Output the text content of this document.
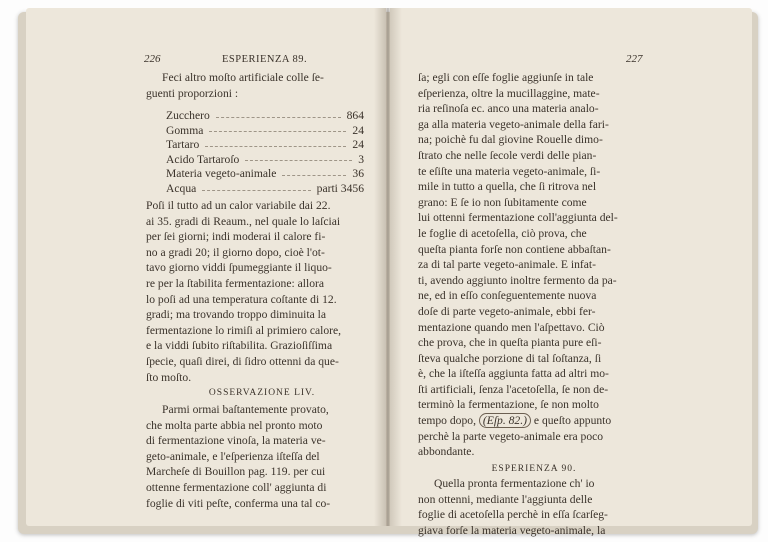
226	ESPERIENZA 89.
Feci altro moſto artificiale colle ſe-
guenti proporzioni :
Zucchero	864
Gomma	24
Tartaro	24
Acido Tartaroſo	3
Materia vegeto-animale	36
Acqua	parti 3456
Poſi il tutto ad un calor variabile dai 22.
ai 35. gradi di Reaum., nel quale lo laſciai
per ſei giorni; indi moderai il calore fi-
no a gradi 20; il giorno dopo, cioè l'ot-
tavo giorno viddi ſpumeggiante il liquo-
re per la ſtabilita fermentazione: allora
lo poſi ad una temperatura coſtante di 12.
gradi; ma trovando troppo diminuita la
fermentazione lo rimiſi al primiero calore,
e la viddi ſubito riſtabilita. Grazioſiſſima
ſpecie, quaſi direi, di ſidro ottenni da que-
ſto moſto.
OSSERVAZIONE LIV.
Parmi ormai baſtantemente provato,
che molta parte abbia nel pronto moto
di fermentazione vinoſa, la materia ve-
geto-animale, e l'eſperienza iſteſſa del
Marcheſe di Bouillon pag. 119. per cui
ottenne fermentazione coll' aggiunta di
foglie di viti peſte, conferma una tal co-
227
ſa; egli con eſſe foglie aggiunſe in tale
eſperienza, oltre la mucillaggine, mate-
ria reſinoſa ec. anco una materia analo-
ga alla materia vegeto-animale della fari-
na; poichè fu dal giovine Rouelle dimo-
ſtrato che nelle ſecole verdi delle pian-
te eſiſte una materia vegeto-animale, ſi-
mile in tutto a quella, che ſi ritrova nel
grano: E ſe io non ſubitamente come
lui ottenni fermentazione coll'aggiunta del-
le foglie di acetoſella, ciò prova, che
queſta pianta forſe non contiene abbaſtan-
za di tal parte vegeto-animale. E infat-
ti, avendo aggiunto inoltre fermento da pa-
ne, ed in eſſo conſeguentemente nuova
doſe di parte vegeto-animale, ebbi fer-
mentazione quando men l'aſpettavo. Ciò
che prova, che in queſta pianta pure eſi-
ſteva qualche porzione di tal ſoſtanza, ſi
è, che la iſteſſa aggiunta fatta ad altri mo-
ſti artificiali, ſenza l'acetoſella, ſe non de-
terminò la fermentazione, ſe non molto
tempo dopo, (Eſp. 82.) e queſto appunto
perchè la parte vegeto-animale era poco
abbondante.
ESPERIENZA 90.
Quella pronta fermentazione ch' io
non ottenni, mediante l'aggiunta delle
foglie di acetoſella perchè in eſſa ſcarſeg-
giava forſe la materia vegeto-animale, la
